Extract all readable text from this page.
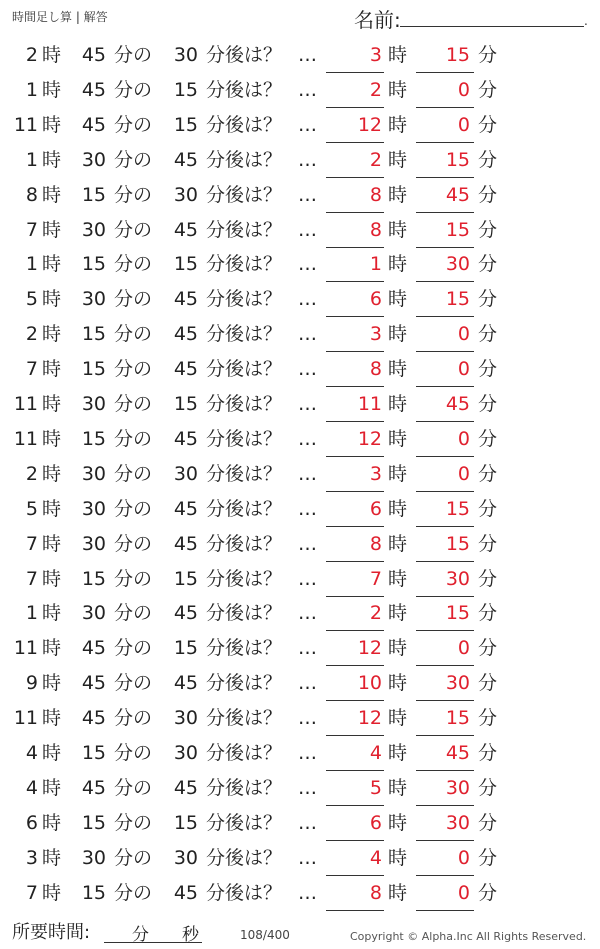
時間足し算 | 解答	名前:	.
2 時	45 分の	30 分後は？ …	3 時	15 分
1 時	45 分の	15 分後は？ …	2 時	0 分
11 時	45 分の	15 分後は？ …	12 時	0 分
1 時	30 分の	45 分後は？ …	2 時	15 分
8 時	15 分の	30 分後は？ …	8 時	45 分
7 時	30 分の	45 分後は？ …	8 時	15 分
1 時	15 分の	15 分後は？ …	1 時	30 分
5 時	30 分の	45 分後は？ …	6 時	15 分
2 時	15 分の	45 分後は？ …	3 時	0 分
7 時	15 分の	45 分後は？ …	8 時	0 分
11 時	30 分の	15 分後は？ …	11 時	45 分
11 時	15 分の	45 分後は？ …	12 時	0 分
2 時	30 分の	30 分後は？ …	3 時	0 分
5 時	30 分の	45 分後は？ …	6 時	15 分
7 時	30 分の	45 分後は？ …	8 時	15 分
7 時	15 分の	15 分後は？ …	7 時	30 分
1 時	30 分の	45 分後は？ …	2 時	15 分
11 時	45 分の	15 分後は？ …	12 時	0 分
9 時	45 分の	45 分後は？ …	10 時	30 分
11 時	45 分の	30 分後は？ …	12 時	15 分
4 時	15 分の	30 分後は？ …	4 時	45 分
4 時	45 分の	45 分後は？ …	5 時	30 分
6 時	15 分の	15 分後は？ …	6 時	30 分
3 時	30 分の	30 分後は？ …	4 時	0 分
7 時	15 分の	45 分後は？ …	8 時	0 分
所要時間: 分 秒	108/400	Copyright © Alpha.Inc All Rights Reserved.
